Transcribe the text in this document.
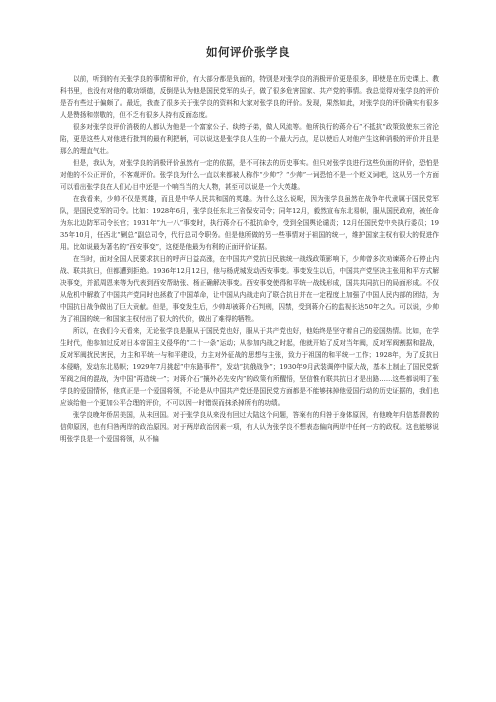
如何评价张学良

以前，听到的有关张学良的事情和评价，有大部分都是负面的，特别是对张学良的消极评价更是很多，即使是在历史课上、教科书里，也没有对他的歌功颂德，反倒是认为他是国民党军的头子，做了很多危害国家、共产党的事情。我总觉得对张学良的评价是否有些过于偏颇了。最近，我查了很多关于张学良的资料和大家对张学良的评价。发现，果然如此，对张学良的评价确实有很多人是赞扬和崇敬的，但不乏有很多人持有反面态度。

很多对张学良评价消极的人都认为他是一个富家公子、纨绔子弟，做人风流等。他所执行的蒋介石“不抵抗”政策致使东三省沦陷，更是这些人对他进行批判的最有利把柄，可以说这是张学良人生的一个最大污点，足以使后人对他产生这种消极的评价并且是那么的理直气壮。

但是，我认为，对张学良的消极评价虽然有一定的依据，是不可抹去的历史事实。但只对张学良进行这些负面的评价，恐怕是对他的不公正评价，不客观评价。张学良为什么一直以来都被人称作“少帅”？“少帅”一词恐怕不是一个贬义词吧，这从另一个方面可以看出张学良在人们心目中还是一个响当当的大人物，甚至可以说是一个大英雄。

在我看来，少帅不仅是英雄，而且是中华人民共和国的英雄。为什么这么说呢，因为张学良虽然在战争年代隶属于国民党军队，是国民党军的司令。比如：1928年6月，张学良任东北三省保安司令；同年12月，毅然宣布东北易帜，服从国民政府，被任命为东北边防军司令长官；1931年“九一八”事变时，执行蒋介石不抵抗命令，受到全国舆论谴责；12月任国民党中央执行委员；1935年10月，任西北“剿总”副总司令，代行总司令职务。但是他所做的另一些事情对于祖国的统一，维护国家主权有很大的促进作用。比如说最为著名的“西安事变”，这便是他最为有利的正面评价证据。

在当时，面对全国人民要求抗日的呼声日益高涨，在中国共产党抗日民族统一战线政策影响下，少帅曾多次劝谏蒋介石停止内战、联共抗日，但都遭到拒绝。1936年12月12日，他与杨虎城发动西安事变。事变发生以后，中国共产党坚决主张用和平方式解决事变，并派周恩来等为代表到西安帮助张、杨正确解决事变。西安事变使得和平统一战线形成，国共共同抗日的局面形成。不仅从危机中解救了中国共产党同时也拯救了中国革命，让中国从内战走向了联合抗日并在一定程度上加强了中国人民内部的团结，为中国抗日战争做出了巨大贡献。但是，事变发生后，少帅却被蒋介石判刑，囚禁，受到蒋介石的监视长达50年之久。可以说，少帅为了祖国的统一和国家主权付出了很大的代价，做出了难得的牺牲。

所以，在我们今天看来，无论张学良是服从于国民党也好，服从于共产党也好，他始终是坚守着自己的爱国热情。比如，在学生时代，他参加过反对日本帝国主义侵华的“二十一条”运动；从参加内战之时起，他就开始了反对当年阀，反对军阀割据和混战，反对军阀扰民害民，力主和平统一与和平建设，力主对外征战的思想与主张，致力于祖国的和平统一工作；1928年，为了反抗日本侵略，发动东北易帜；1929年7月挑起“中东路事件”，发动“抗俄战争”；1930年9月武装调停中原大战，基本上制止了国民党新军阀之间的混战，为中国“再造统一”；对蒋介石“攘外必先安内”的政策有所醒悟，坚信惟有联共抗日才是出路……这些都说明了张学良的爱国情怀，他真正是一个爱国将领，不论是从中国共产党还是国民党方面都是不能够抹掉他爱国行动的历史证据的，我们也应该给他一个更加公平合理的评价，不可以因一时错误而抹杀掉所有的功绩。

张学良晚年侨居美国，从未回国。对于张学良从来没有回过大陆这个问题，答案有的归咎于身体原因，有他晚年归信基督教的信仰原因，也有归咎两岸的政治原因。对于两岸政治因素一项，有人认为张学良不想表态偏向两岸中任何一方的政权。这也能够说明张学良是一个爱国将领，从不偏
